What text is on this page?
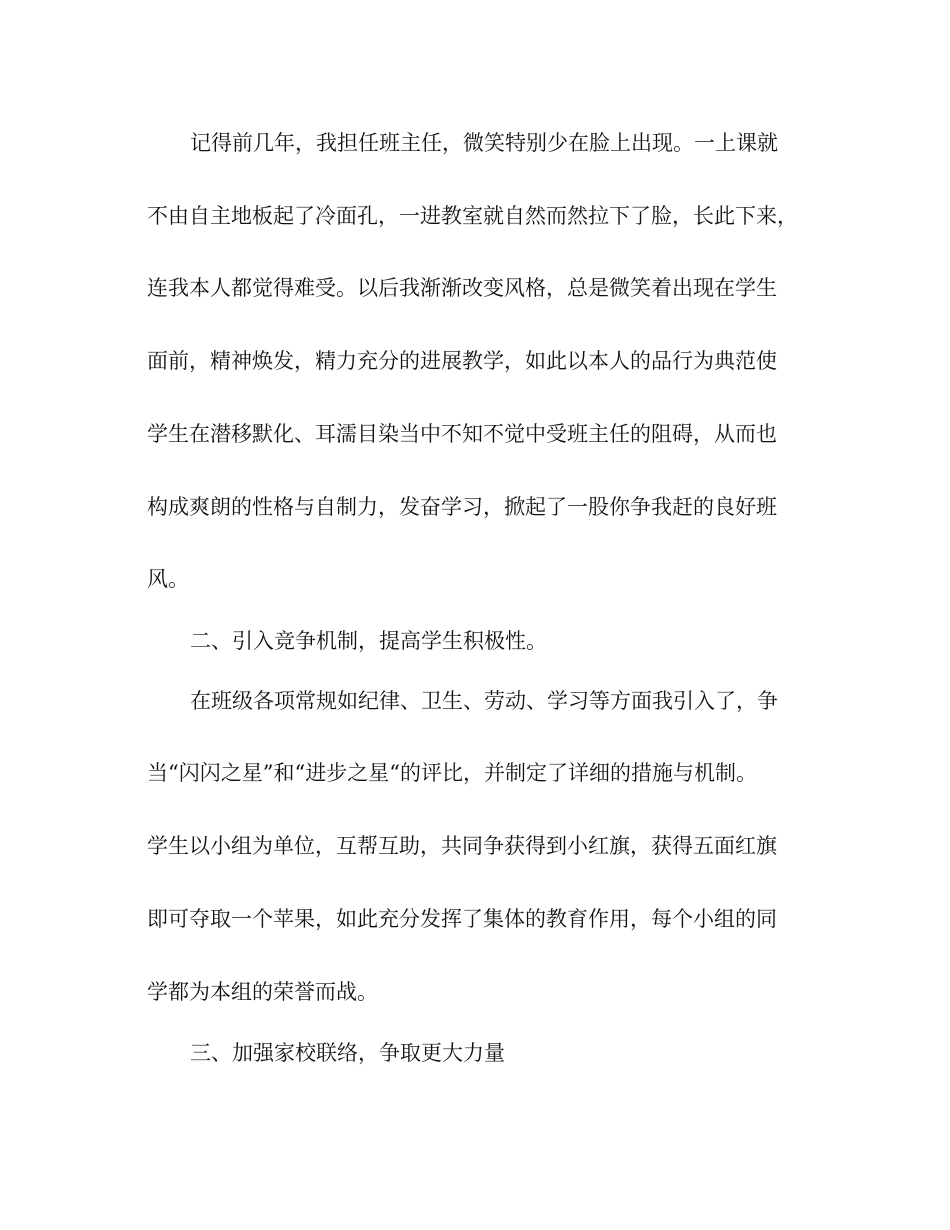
记得前几年，我担任班主任，微笑特别少在脸上出现。一上课就

不由自主地板起了冷面孔，一进教室就自然而然拉下了脸，长此下来，

连我本人都觉得难受。以后我渐渐改变风格，总是微笑着出现在学生

面前，精神焕发，精力充分的进展教学，如此以本人的品行为典范使

学生在潜移默化、耳濡目染当中不知不觉中受班主任的阻碍，从而也

构成爽朗的性格与自制力，发奋学习，掀起了一股你争我赶的良好班

风。

二、引入竞争机制，提高学生积极性。

在班级各项常规如纪律、卫生、劳动、学习等方面我引入了，争

当“闪闪之星”和“进步之星“的评比，并制定了详细的措施与机制。

学生以小组为单位，互帮互助，共同争获得到小红旗，获得五面红旗

即可夺取一个苹果，如此充分发挥了集体的教育作用，每个小组的同

学都为本组的荣誉而战。

三、加强家校联络，争取更大力量
